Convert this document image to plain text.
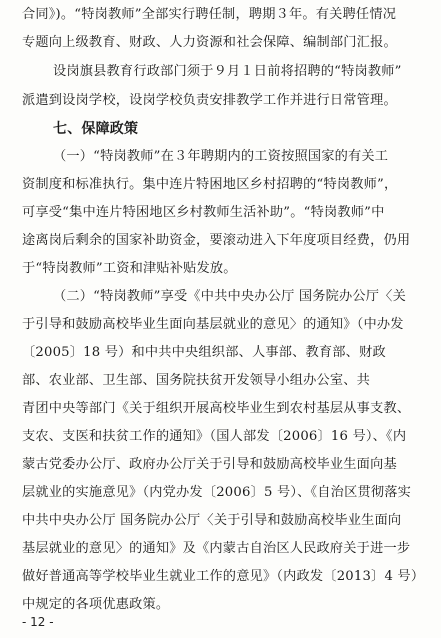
合同》)。“特岗教师”全部实行聘任制，聘期３年。有关聘任情况
专题向上级教育、财政、人力资源和社会保障、编制部门汇报。
设岗旗县教育行政部门须于９月１日前将招聘的“特岗教师”
派遣到设岗学校，设岗学校负责安排教学工作并进行日常管理。
七、保障政策
（一）“特岗教师”在３年聘期内的工资按照国家的有关工
资制度和标准执行。集中连片特困地区乡村招聘的“特岗教师”，
可享受“集中连片特困地区乡村教师生活补助”。“特岗教师”中
途离岗后剩余的国家补助资金，要滚动进入下年度项目经费，仍用
于“特岗教师”工资和津贴补贴发放。
（二）“特岗教师”享受《中共中央办公厅 国务院办公厅〈关
于引导和鼓励高校毕业生面向基层就业的意见〉的通知》（中办发
〔2005〕18 号）和中共中央组织部、人事部、教育部、财政
部、农业部、卫生部、国务院扶贫开发领导小组办公室、共
青团中央等部门《关于组织开展高校毕业生到农村基层从事支教、
支农、支医和扶贫工作的通知》（国人部发〔2006〕16 号）、《内
蒙古党委办公厅、政府办公厅关于引导和鼓励高校毕业生面向基
层就业的实施意见》（内党办发〔2006〕5 号）、《自治区贯彻落实
中共中央办公厅 国务院办公厅〈关于引导和鼓励高校毕业生面向
基层就业的意见〉的通知》及《内蒙古自治区人民政府关于进一步
做好普通高等学校毕业生就业工作的意见》（内政发〔2013〕4 号）
中规定的各项优惠政策。
- 12 -
